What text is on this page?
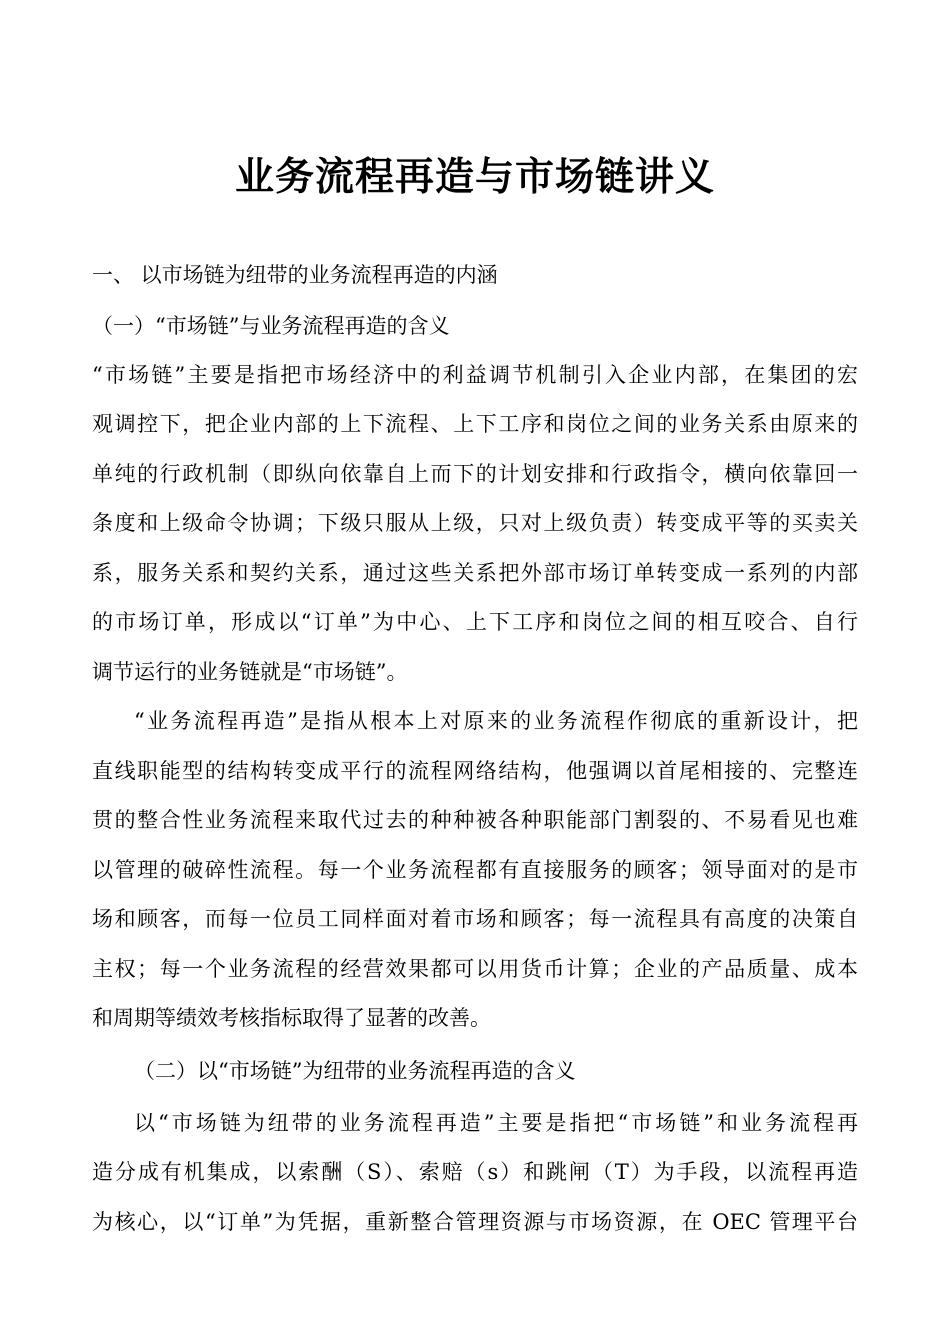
业务流程再造与市场链讲义
一、 以市场链为纽带的业务流程再造的内涵
（一）“市场链”与业务流程再造的含义
“市场链”主要是指把市场经济中的利益调节机制引入企业内部，在集团的宏
观调控下，把企业内部的上下流程、上下工序和岗位之间的业务关系由原来的
单纯的行政机制（即纵向依靠自上而下的计划安排和行政指令，横向依靠回一
条度和上级命令协调；下级只服从上级，只对上级负责）转变成平等的买卖关
系，服务关系和契约关系，通过这些关系把外部市场订单转变成一系列的内部
的市场订单，形成以“订单”为中心、上下工序和岗位之间的相互咬合、自行
调节运行的业务链就是“市场链”。
“业务流程再造”是指从根本上对原来的业务流程作彻底的重新设计，把
直线职能型的结构转变成平行的流程网络结构，他强调以首尾相接的、完整连
贯的整合性业务流程来取代过去的种种被各种职能部门割裂的、不易看见也难
以管理的破碎性流程。每一个业务流程都有直接服务的顾客；领导面对的是市
场和顾客，而每一位员工同样面对着市场和顾客；每一流程具有高度的决策自
主权；每一个业务流程的经营效果都可以用货币计算；企业的产品质量、成本
和周期等绩效考核指标取得了显著的改善。
（二）以“市场链”为纽带的业务流程再造的含义
以“市场链为纽带的业务流程再造”主要是指把“市场链”和业务流程再
造分成有机集成，以索酬（S）、索赔（s）和跳闸（T）为手段，以流程再造
为核心，以“订单”为凭据，重新整合管理资源与市场资源，在 OEC 管理平台
